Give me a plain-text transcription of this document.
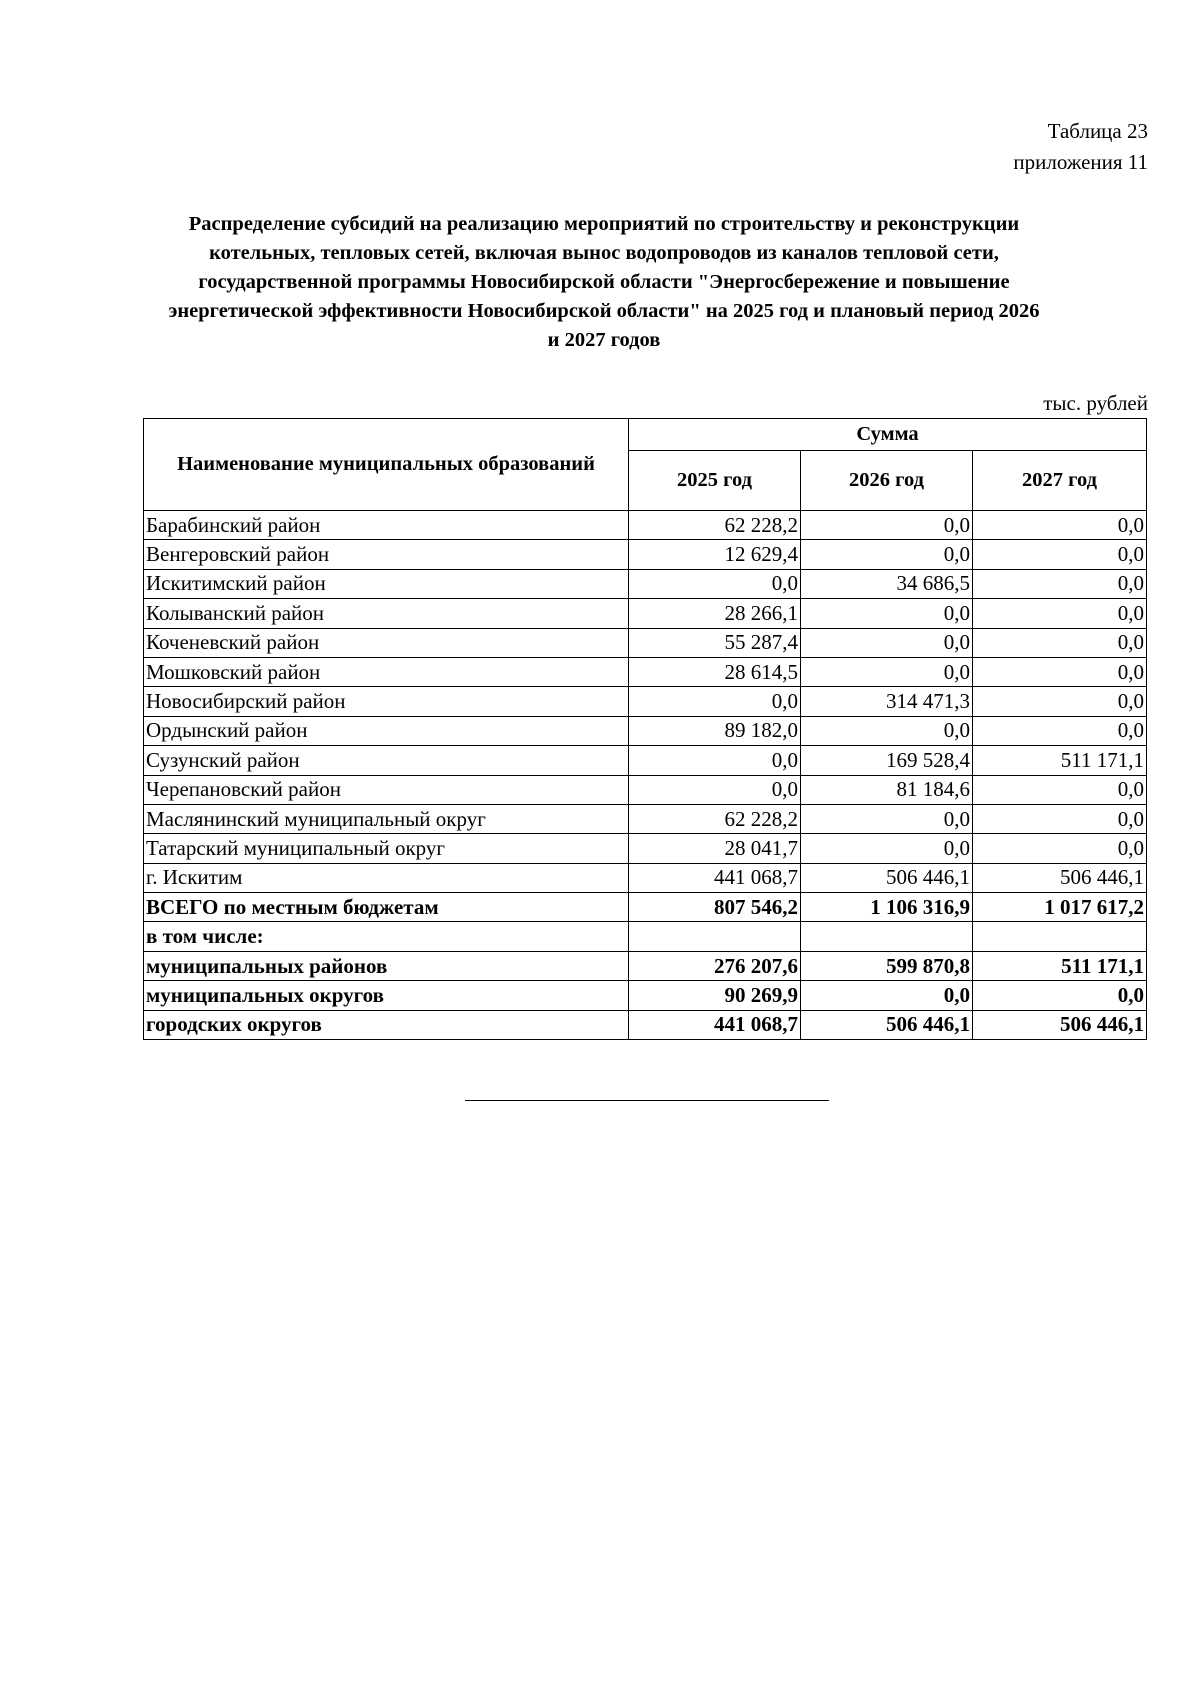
Таблица 23
приложения 11
Распределение субсидий на реализацию мероприятий по строительству и реконструкции
котельных, тепловых сетей, включая вынос водопроводов из каналов тепловой сети,
государственной программы Новосибирской области "Энергосбережение и повышение
энергетической эффективности Новосибирской области" на 2025 год и плановый период 2026
и 2027 годов
тыс. рублей
Наименование муниципальных образований	Сумма		
	2025 год	2026 год	2027 год
Барабинский район	62 228,2	0,0	0,0
Венгеровский район	12 629,4	0,0	0,0
Искитимский район	0,0	34 686,5	0,0
Колыванский район	28 266,1	0,0	0,0
Коченевский район	55 287,4	0,0	0,0
Мошковский район	28 614,5	0,0	0,0
Новосибирский район	0,0	314 471,3	0,0
Ордынский район	89 182,0	0,0	0,0
Сузунский район	0,0	169 528,4	511 171,1
Черепановский район	0,0	81 184,6	0,0
Маслянинский муниципальный округ	62 228,2	0,0	0,0
Татарский муниципальный округ	28 041,7	0,0	0,0
г. Искитим	441 068,7	506 446,1	506 446,1
ВСЕГО по местным бюджетам	807 546,2	1 106 316,9	1 017 617,2
в том числе:			
муниципальных районов	276 207,6	599 870,8	511 171,1
муниципальных округов	90 269,9	0,0	0,0
городских округов	441 068,7	506 446,1	506 446,1
